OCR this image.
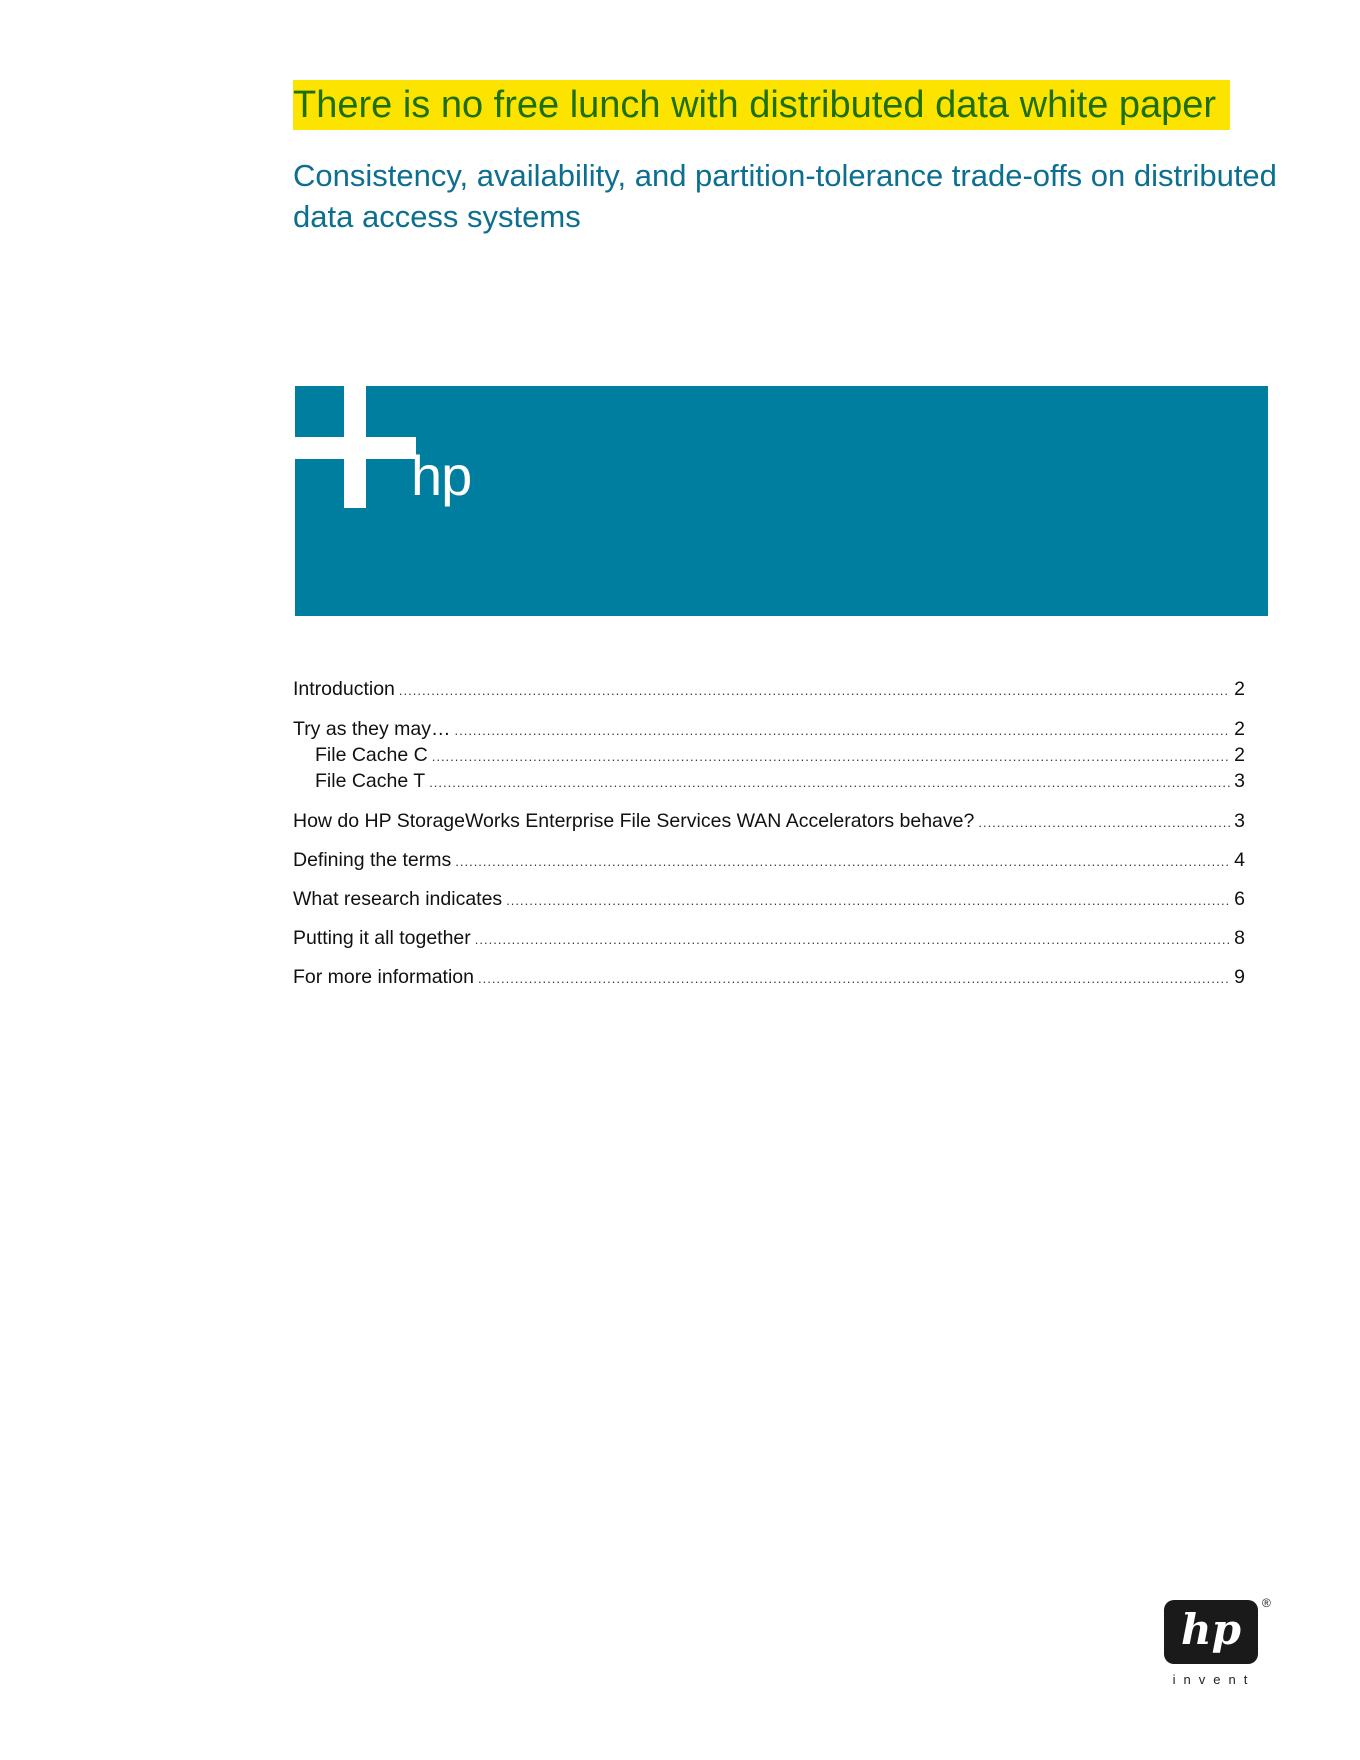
There is no free lunch with distributed data white paper
Consistency, availability, and partition-tolerance trade-offs on distributed data access systems
hp
Introduction .....	2
Try as they may… .....	2
File Cache C .....	2
File Cache T .....	3
How do HP StorageWorks Enterprise File Services WAN Accelerators behave? .....	3
Defining the terms .....	4
What research indicates .....	6
Putting it all together .....	8
For more information .....	9
hp
®
invent
